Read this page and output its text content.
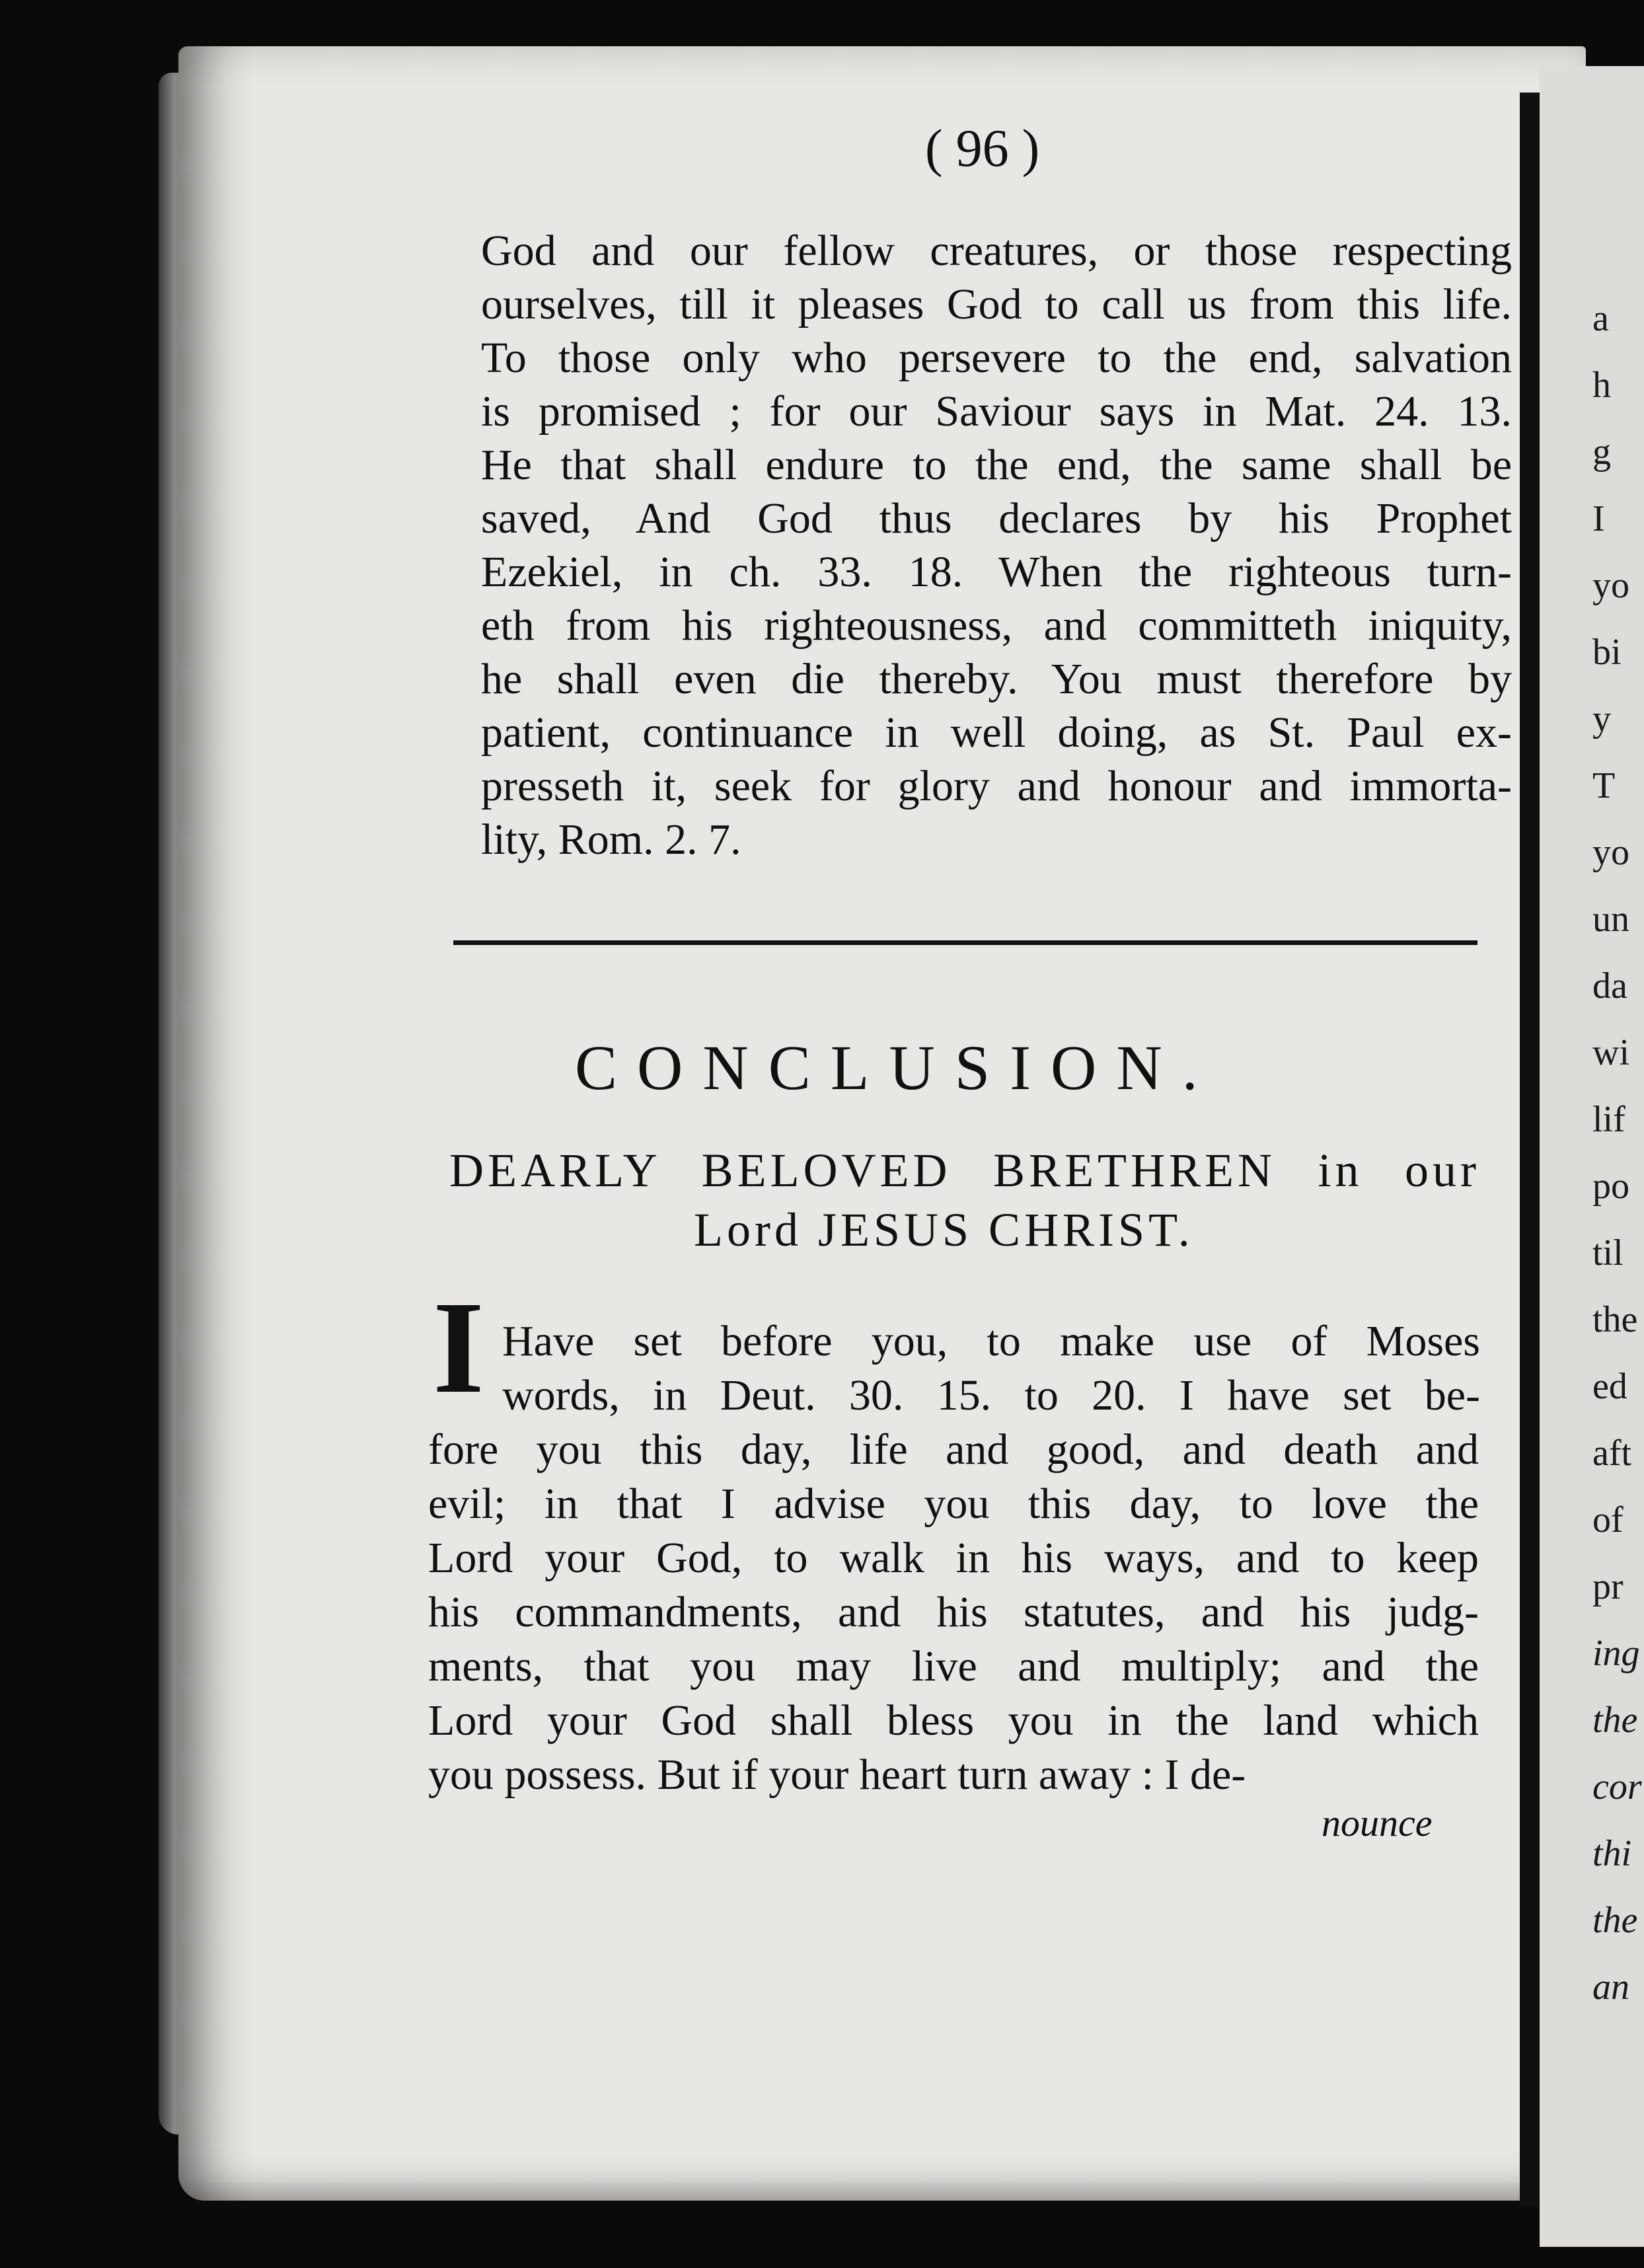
a
h
g
I
yo
bi
y
T
yo
un
da
wi
lif
po
til
the
ed
aft
of
pr
ing
the
cor
thi
the
an
( 96 )
God and our fellow creatures, or those respecting
ourselves, till it pleases God to call us from this life.
To those only who persevere to the end, salvation
is promised ; for our Saviour says in Mat. 24. 13.
He that shall endure to the end, the same shall be
saved, And God thus declares by his Prophet
Ezekiel, in ch. 33. 18. When the righteous turn-
eth from his righteousness, and committeth iniquity,
he shall even die thereby. You must therefore by
patient, continuance in well doing, as St. Paul ex-
presseth it, seek for glory and honour and immorta-
lity, Rom. 2. 7.
CONCLUSION.
DEARLY BELOVED BRETHREN in our
Lord JESUS CHRIST.
I Have set before you, to make use of Moses
words, in Deut. 30. 15. to 20. I have set be-
fore you this day, life and good, and death and
evil; in that I advise you this day, to love the
Lord your God, to walk in his ways, and to keep
his commandments, and his statutes, and his judg-
ments, that you may live and multiply; and the
Lord your God shall bless you in the land which
you possess. But if your heart turn away : I de-
nounce
